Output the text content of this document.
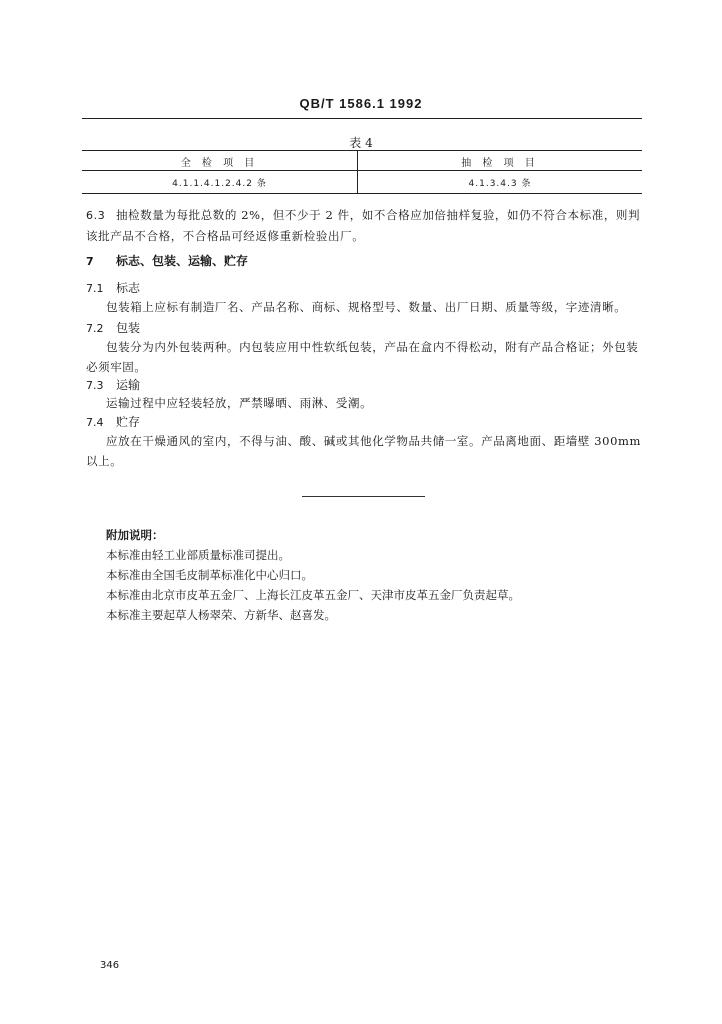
QB/T 1586.1 1992
表 4
全 检 项 目	抽 检 项 目
4.1.1.4.1.2.4.2 条	4.1.3.4.3 条
6.3 抽检数量为每批总数的 2%，但不少于 2 件，如不合格应加倍抽样复验，如仍不符合本标准，则判
该批产品不合格，不合格品可经返修重新检验出厂。
7 标志、包装、运输、贮存
7.1 标志
包装箱上应标有制造厂名、产品名称、商标、规格型号、数量、出厂日期、质量等级，字迹清晰。
7.2 包装
包装分为内外包装两种。内包装应用中性软纸包装，产品在盒内不得松动，附有产品合格证；外包装
必须牢固。
7.3 运输
运输过程中应轻装轻放，严禁曝晒、雨淋、受潮。
7.4 贮存
应放在干燥通风的室内，不得与油、酸、碱或其他化学物品共储一室。产品离地面、距墙壁 300mm
以上。
附加说明：
本标准由轻工业部质量标准司提出。
本标准由全国毛皮制革标准化中心归口。
本标准由北京市皮革五金厂、上海长江皮革五金厂、天津市皮革五金厂负责起草。
本标准主要起草人杨翠荣、方新华、赵喜发。
346
